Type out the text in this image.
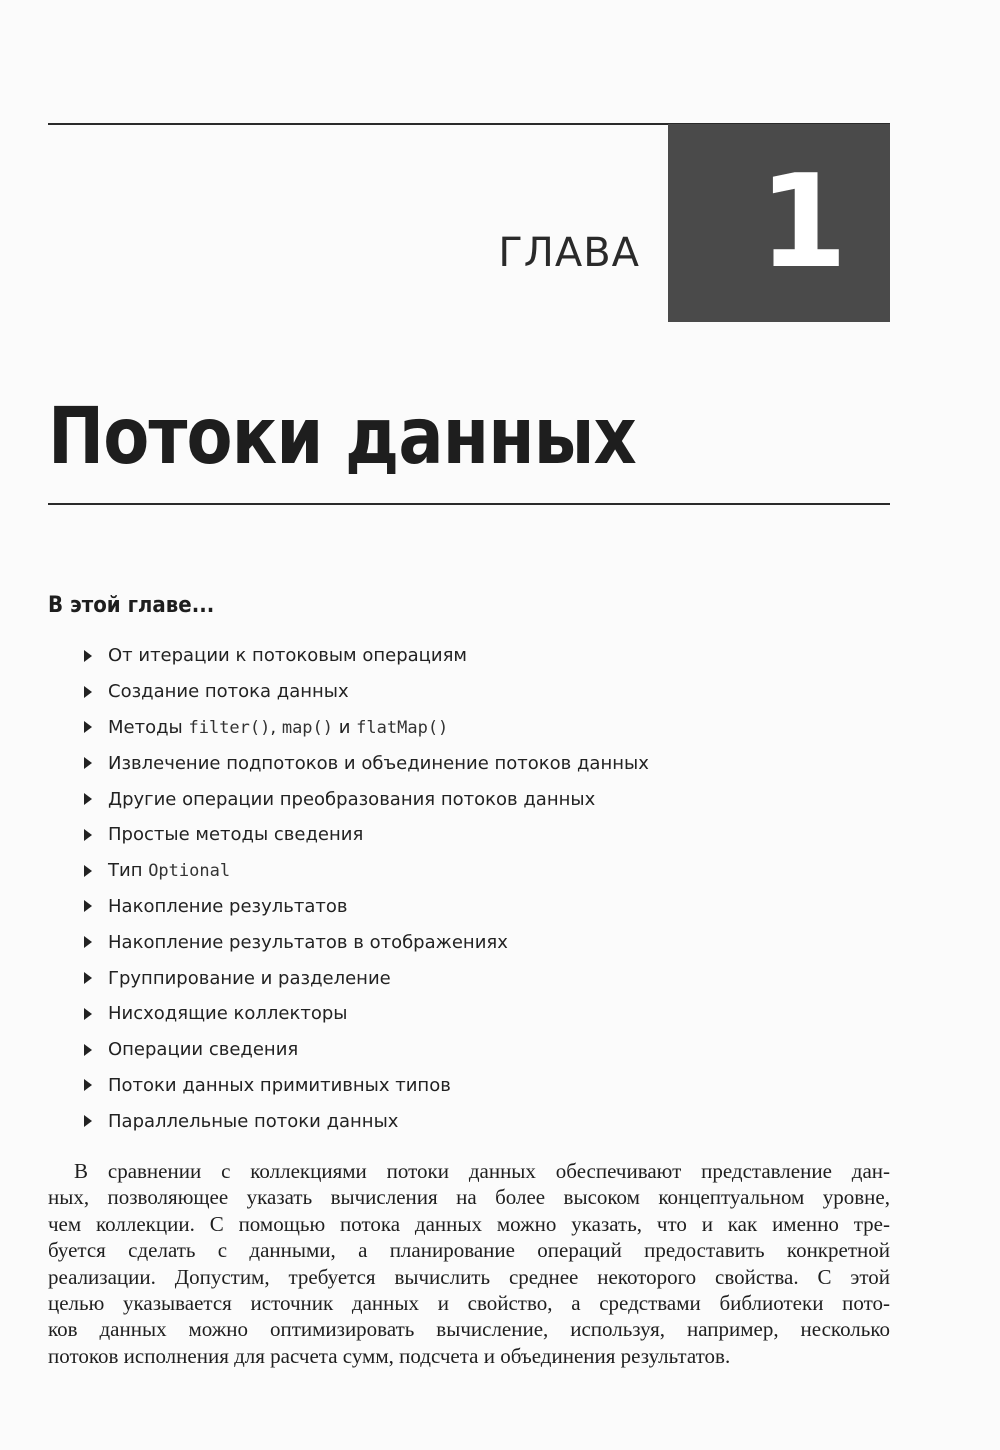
1
ГЛАВА
Потоки данных
В этой главе...
От итерации к потоковым операциям
Создание потока данных
Методы filter(), map() и flatMap()
Извлечение подпотоков и объединение потоков данных
Другие операции преобразования потоков данных
Простые методы сведения
Тип Optional
Накопление результатов
Накопление результатов в отображениях
Группирование и разделение
Нисходящие коллекторы
Операции сведения
Потоки данных примитивных типов
Параллельные потоки данных
В сравнении с коллекциями потоки данных обеспечивают представление дан-
ных, позволяющее указать вычисления на более высоком концептуальном уровне,
чем коллекции. С помощью потока данных можно указать, что и как именно тре-
буется сделать с данными, а планирование операций предоставить конкретной
реализации. Допустим, требуется вычислить среднее некоторого свойства. С этой
целью указывается источник данных и свойство, а средствами библиотеки пото-
ков данных можно оптимизировать вычисление, используя, например, несколько
потоков исполнения для расчета сумм, подсчета и объединения результатов.
